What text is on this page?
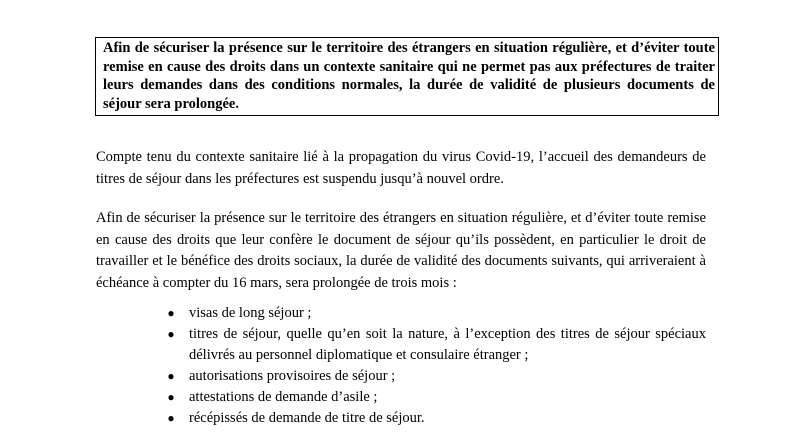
Afin de sécuriser la présence sur le territoire des étrangers en situation régulière, et d’éviter toute remise en cause des droits dans un contexte sanitaire qui ne permet pas aux préfectures de traiter leurs demandes dans des conditions normales, la durée de validité de plusieurs documents de séjour sera prolongée.
Compte tenu du contexte sanitaire lié à la propagation du virus Covid-19, l’accueil des demandeurs de titres de séjour dans les préfectures est suspendu jusqu’à nouvel ordre.
Afin de sécuriser la présence sur le territoire des étrangers en situation régulière, et d’éviter toute remise en cause des droits que leur confère le document de séjour qu’ils possèdent, en particulier le droit de travailler et le bénéfice des droits sociaux, la durée de validité des documents suivants, qui arriveraient à échéance à compter du 16 mars, sera prolongée de trois mois :
● visas de long séjour ;
● titres de séjour, quelle qu’en soit la nature, à l’exception des titres de séjour spéciaux délivrés au personnel diplomatique et consulaire étranger ;
● autorisations provisoires de séjour ;
● attestations de demande d’asile ;
● récépissés de demande de titre de séjour.
